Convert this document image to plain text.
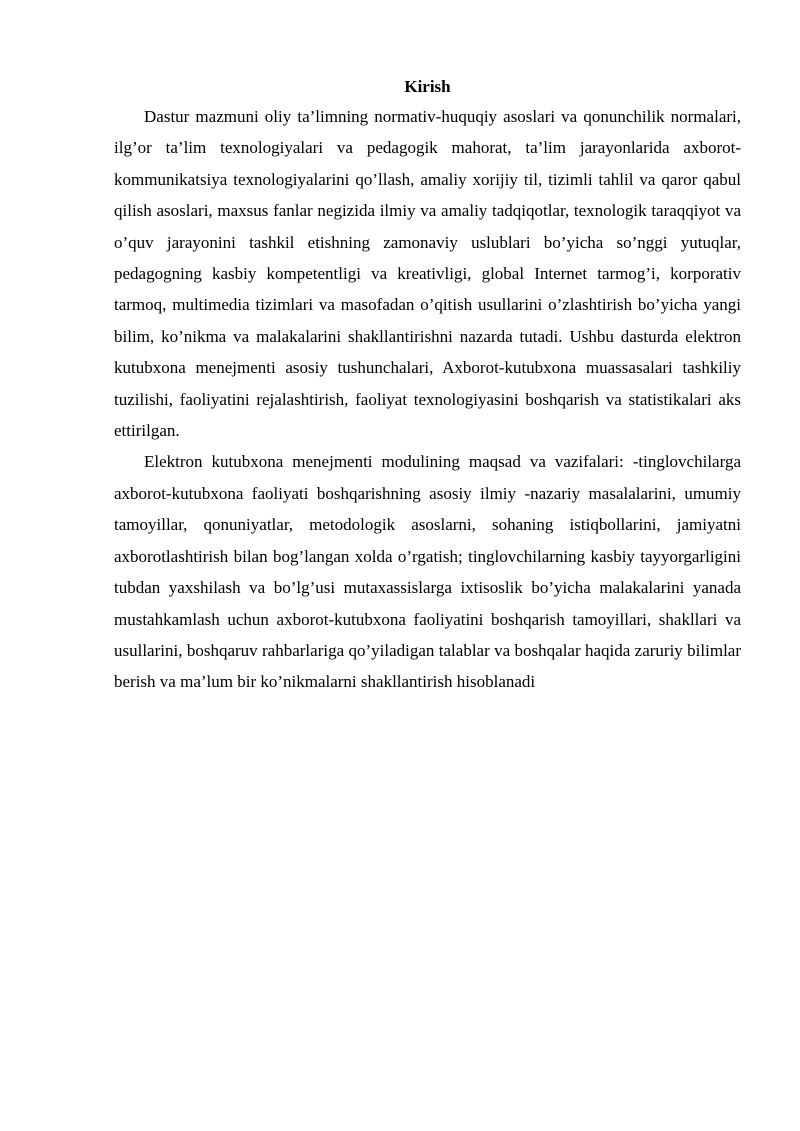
Kirish

Dastur mazmuni oliy ta’limning normativ-huquqiy asoslari va qonunchilik normalari, ilg’or ta’lim texnologiyalari va pedagogik mahorat, ta’lim jarayonlarida axborot-kommunikatsiya texnologiyalarini qo’llash, amaliy xorijiy til, tizimli tahlil va qaror qabul qilish asoslari, maxsus fanlar negizida ilmiy va amaliy tadqiqotlar, texnologik taraqqiyot va o’quv jarayonini tashkil etishning zamonaviy uslublari bo’yicha so’nggi yutuqlar, pedagogning kasbiy kompetentligi va kreativligi, global Internet tarmog’i, korporativ tarmoq, multimedia tizimlari va masofadan o’qitish usullarini o’zlashtirish bo’yicha yangi bilim, ko’nikma va malakalarini shakllantirishni nazarda tutadi. Ushbu dasturda elektron kutubxona menejmenti asosiy tushunchalari, Axborot-kutubxona muassasalari tashkiliy tuzilishi, faoliyatini rejalashtirish, faoliyat texnologiyasini boshqarish va statistikalari aks ettirilgan.

Elektron kutubxona menejmenti modulining maqsad va vazifalari: -tinglovchilarga axborot-kutubxona faoliyati boshqarishning asosiy ilmiy -nazariy masalalarini, umumiy tamoyillar, qonuniyatlar, metodologik asoslarni, sohaning istiqbollarini, jamiyatni axborotlashtirish bilan bog’langan xolda o’rgatish; tinglovchilarning kasbiy tayyorgarligini tubdan yaxshilash va bo’lg’usi mutaxassislarga ixtisoslik bo’yicha malakalarini yanada mustahkamlash uchun axborot-kutubxona faoliyatini boshqarish tamoyillari, shakllari va usullarini, boshqaruv rahbarlariga qo’yiladigan talablar va boshqalar haqida zaruriy bilimlar berish va ma’lum bir ko’nikmalarni shakllantirish hisoblanadi
